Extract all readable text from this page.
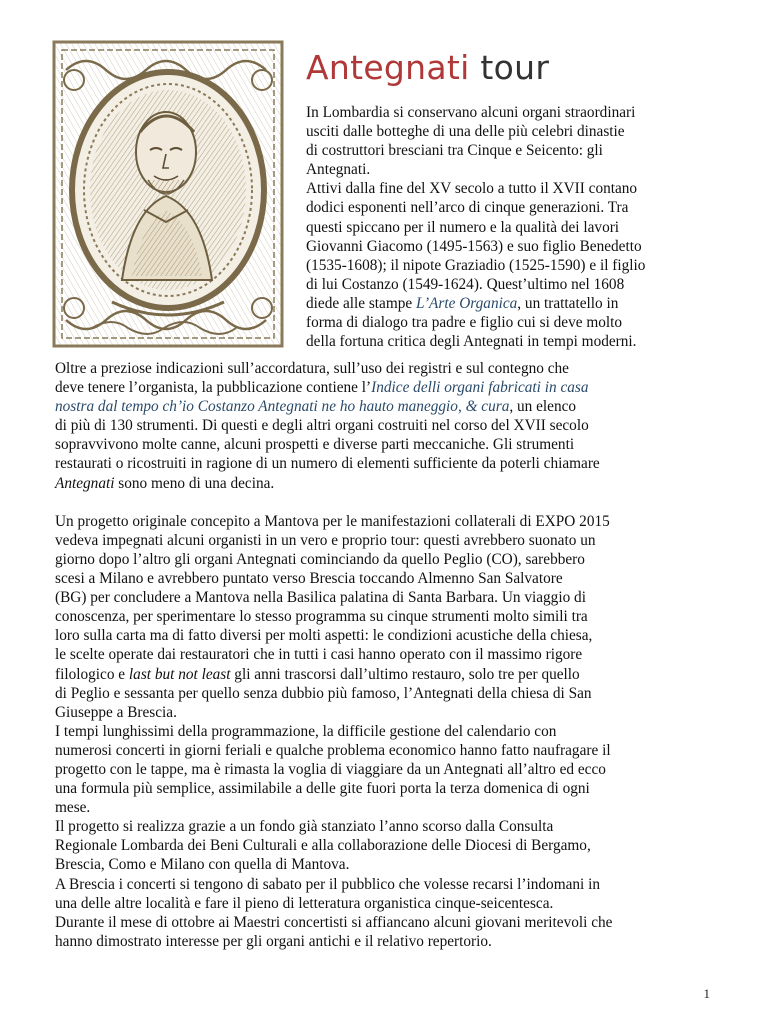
Antegnati tour
In Lombardia si conservano alcuni organi straordinari
usciti dalle botteghe di una delle più celebri dinastie
di costruttori bresciani tra Cinque e Seicento: gli
Antegnati.
Attivi dalla fine del XV secolo a tutto il XVII contano
dodici esponenti nell’arco di cinque generazioni. Tra
questi spiccano per il numero e la qualità dei lavori
Giovanni Giacomo (1495-1563) e suo figlio Benedetto
(1535-1608); il nipote Graziadio (1525-1590) e il figlio
di lui Costanzo (1549-1624). Quest’ultimo nel 1608
diede alle stampe L’Arte Organica, un trattatello in
forma di dialogo tra padre e figlio cui si deve molto
della fortuna critica degli Antegnati in tempi moderni.
Oltre a preziose indicazioni sull’accordatura, sull’uso dei registri e sul contegno che
deve tenere l’organista, la pubblicazione contiene l’Indice delli organi fabricati in casa
nostra dal tempo ch’io Costanzo Antegnati ne ho hauto maneggio, & cura, un elenco
di più di 130 strumenti. Di questi e degli altri organi costruiti nel corso del XVII secolo
sopravvivono molte canne, alcuni prospetti e diverse parti meccaniche. Gli strumenti
restaurati o ricostruiti in ragione di un numero di elementi sufficiente da poterli chiamare
Antegnati sono meno di una decina.
Un progetto originale concepito a Mantova per le manifestazioni collaterali di EXPO 2015
vedeva impegnati alcuni organisti in un vero e proprio tour: questi avrebbero suonato un
giorno dopo l’altro gli organi Antegnati cominciando da quello Peglio (CO), sarebbero
scesi a Milano e avrebbero puntato verso Brescia toccando Almenno San Salvatore
(BG) per concludere a Mantova nella Basilica palatina di Santa Barbara. Un viaggio di
conoscenza, per sperimentare lo stesso programma su cinque strumenti molto simili tra
loro sulla carta ma di fatto diversi per molti aspetti: le condizioni acustiche della chiesa,
le scelte operate dai restauratori che in tutti i casi hanno operato con il massimo rigore
filologico e last but not least gli anni trascorsi dall’ultimo restauro, solo tre per quello
di Peglio e sessanta per quello senza dubbio più famoso, l’Antegnati della chiesa di San
Giuseppe a Brescia.
I tempi lunghissimi della programmazione, la difficile gestione del calendario con
numerosi concerti in giorni feriali e qualche problema economico hanno fatto naufragare il
progetto con le tappe, ma è rimasta la voglia di viaggiare da un Antegnati all’altro ed ecco
una formula più semplice, assimilabile a delle gite fuori porta la terza domenica di ogni
mese.
Il progetto si realizza grazie a un fondo già stanziato l’anno scorso dalla Consulta
Regionale Lombarda dei Beni Culturali e alla collaborazione delle Diocesi di Bergamo,
Brescia, Como e Milano con quella di Mantova.
A Brescia i concerti si tengono di sabato per il pubblico che volesse recarsi l’indomani in
una delle altre località e fare il pieno di letteratura organistica cinque-seicentesca.
Durante il mese di ottobre ai Maestri concertisti si affiancano alcuni giovani meritevoli che
hanno dimostrato interesse per gli organi antichi e il relativo repertorio.
1
